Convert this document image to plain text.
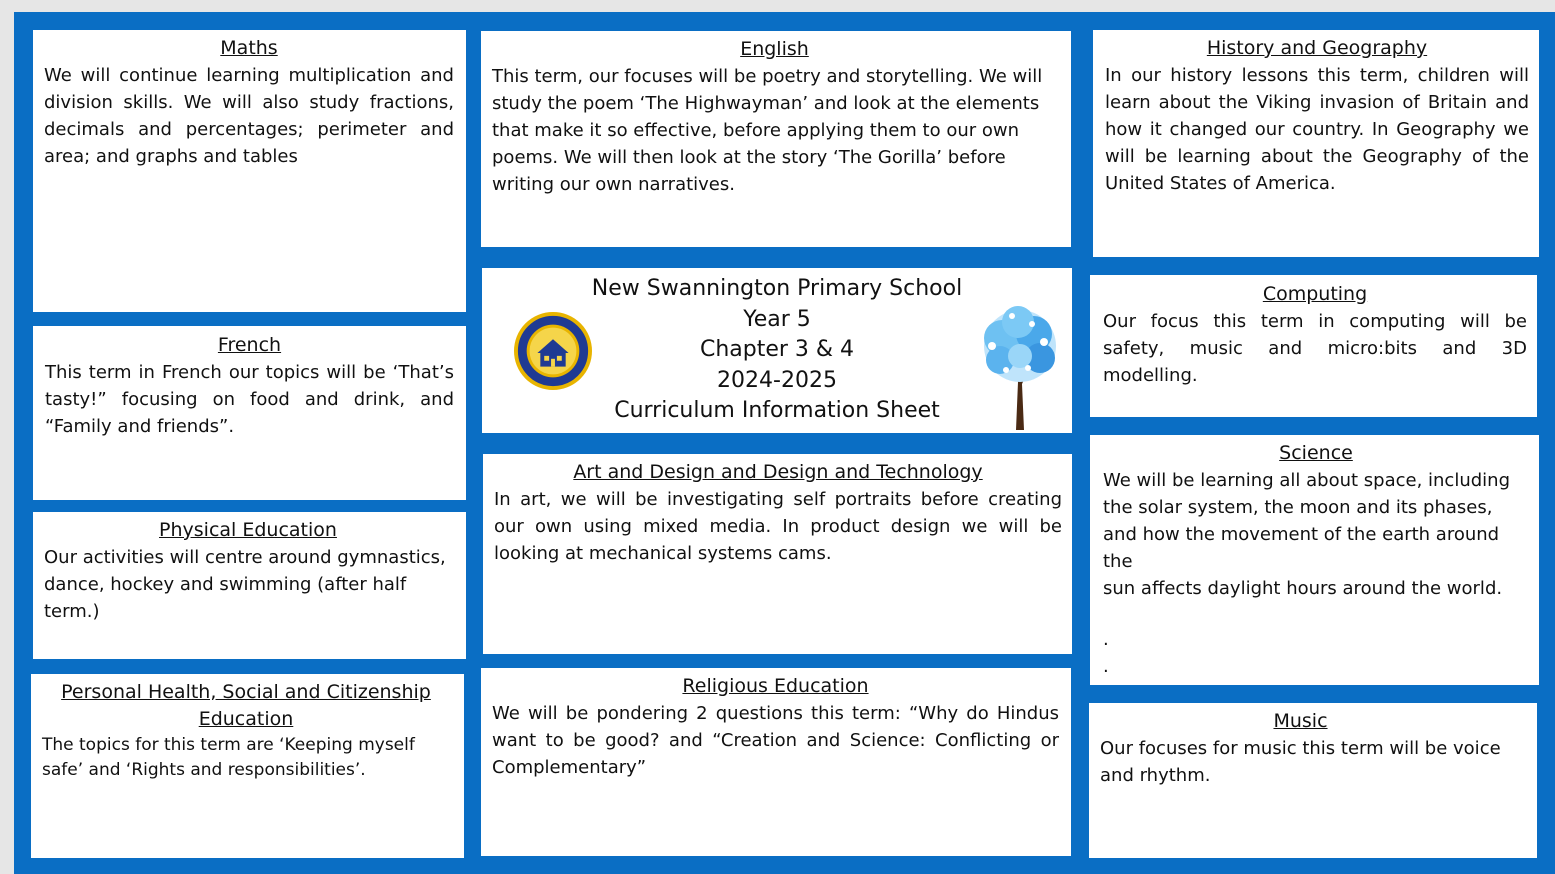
Maths

We will continue learning multiplication and division skills. We will also study fractions, decimals and percentages; perimeter and area; and graphs and tables

French

This term in French our topics will be ‘That’s tasty!” focusing on food and drink, and “Family and friends”.

Physical Education

Our activities will centre around gymnastics, dance, hockey and swimming (after half term.)

Personal Health, Social and Citizenship Education

The topics for this term are ‘Keeping myself safe’ and ‘Rights and responsibilities’.

English

This term, our focuses will be poetry and storytelling. We will study the poem ‘The Highwayman’ and look at the elements that make it so effective, before applying them to our own poems. We will then look at the story ‘The Gorilla’ before writing our own narratives.

New Swannington Primary School
Year 5
Chapter 3 & 4
2024-2025
Curriculum Information Sheet
Art and Design and Design and Technology

In art, we will be investigating self portraits before creating our own using mixed media. In product design we will be looking at mechanical systems cams.

Religious Education

We will be pondering 2 questions this term: “Why do Hindus want to be good? and “Creation and Science: Conflicting or Complementary”

History and Geography

In our history lessons this term, children will learn about the Viking invasion of Britain and how it changed our country. In Geography we will be learning about the Geography of the United States of America.

Computing

Our focus this term in computing will be safety, music and micro:bits and 3D modelling.

Science

We will be learning all about space, including the solar system, the moon and its phases, and how the movement of the earth around the

sun affects daylight hours around the world.

.

.

Music

Our focuses for music this term will be voice and rhythm.
